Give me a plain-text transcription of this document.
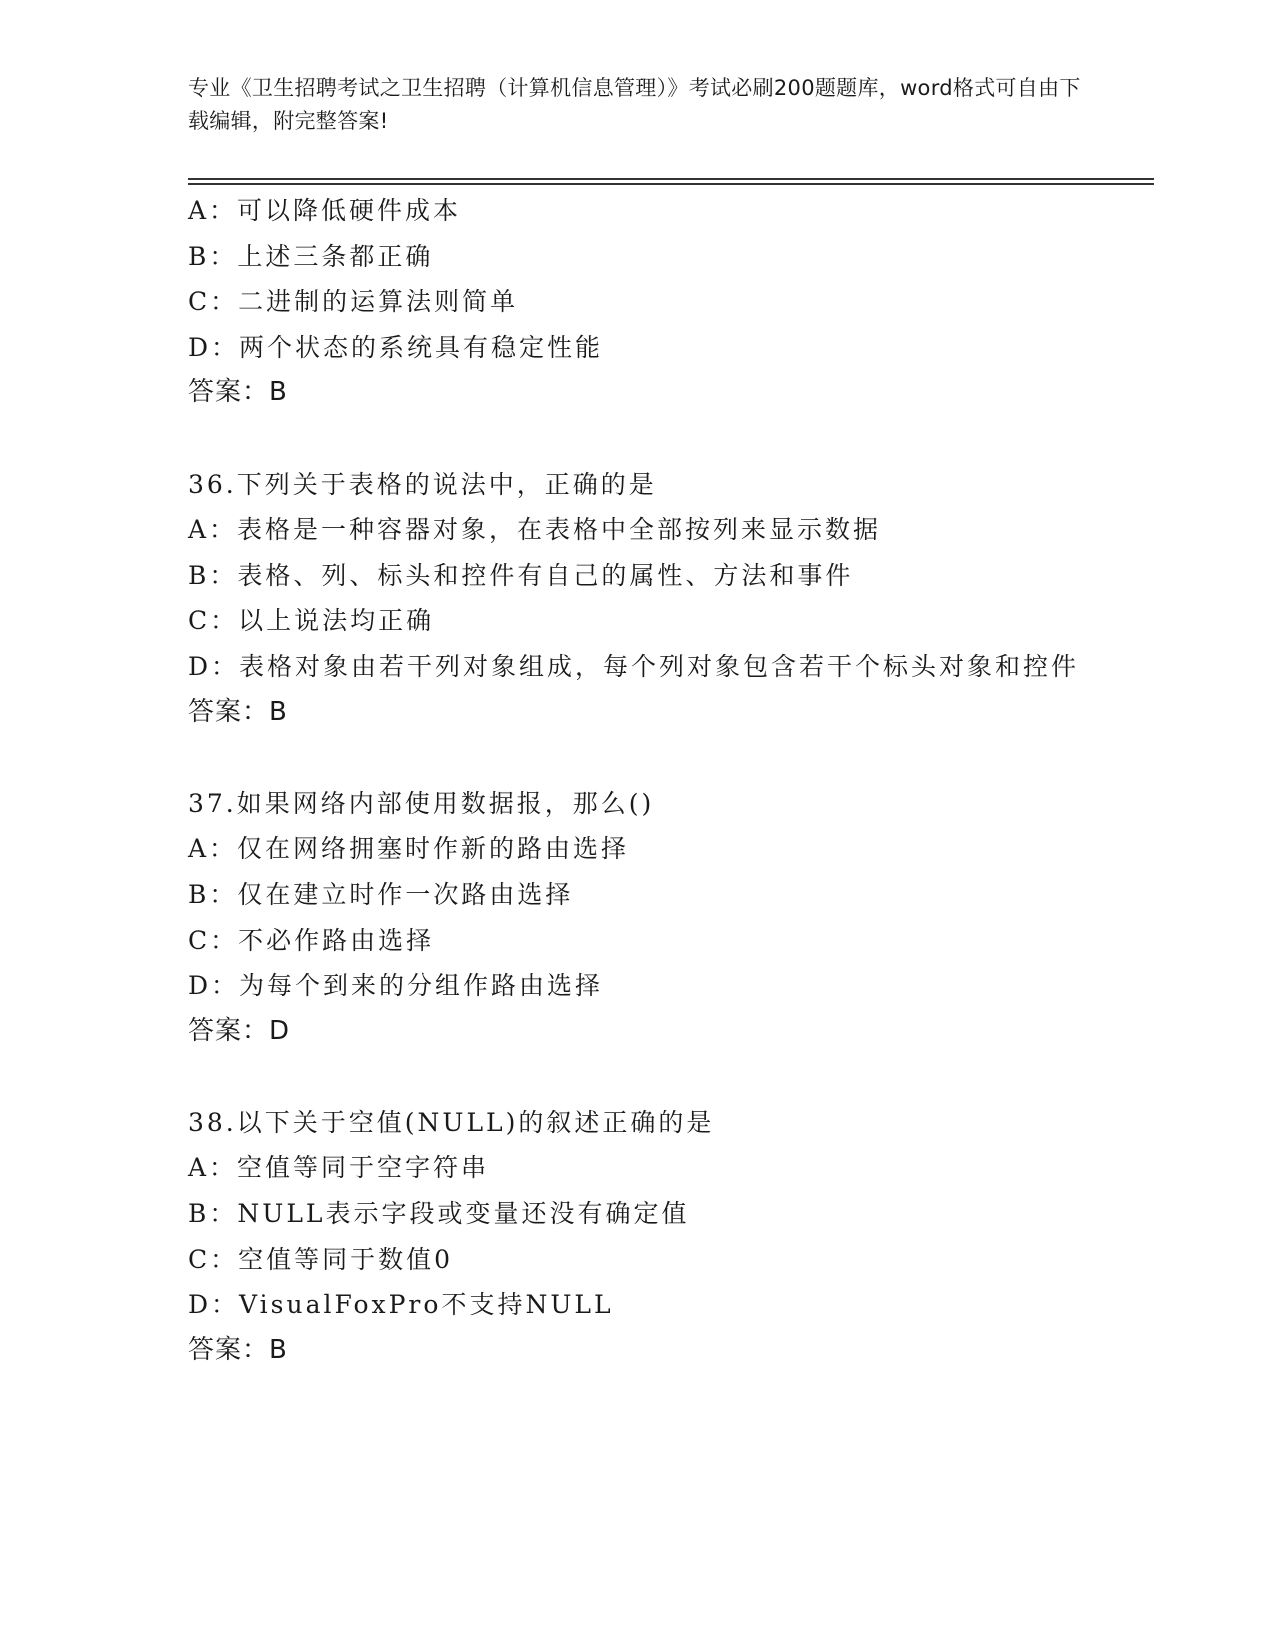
专业《卫生招聘考试之卫生招聘（计算机信息管理）》考试必刷200题题库，word格式可自由下载编辑，附完整答案!
A：可以降低硬件成本
B：上述三条都正确
C：二进制的运算法则简单
D：两个状态的系统具有稳定性能
答案：B
36.下列关于表格的说法中，正确的是
A：表格是一种容器对象，在表格中全部按列来显示数据
B：表格、列、标头和控件有自己的属性、方法和事件
C：以上说法均正确
D：表格对象由若干列对象组成，每个列对象包含若干个标头对象和控件
答案：B
37.如果网络内部使用数据报，那么()
A：仅在网络拥塞时作新的路由选择
B：仅在建立时作一次路由选择
C：不必作路由选择
D：为每个到来的分组作路由选择
答案：D
38.以下关于空值(NULL)的叙述正确的是
A：空值等同于空字符串
B：NULL表示字段或变量还没有确定值
C：空值等同于数值0
D：VisualFoxPro不支持NULL
答案：B
